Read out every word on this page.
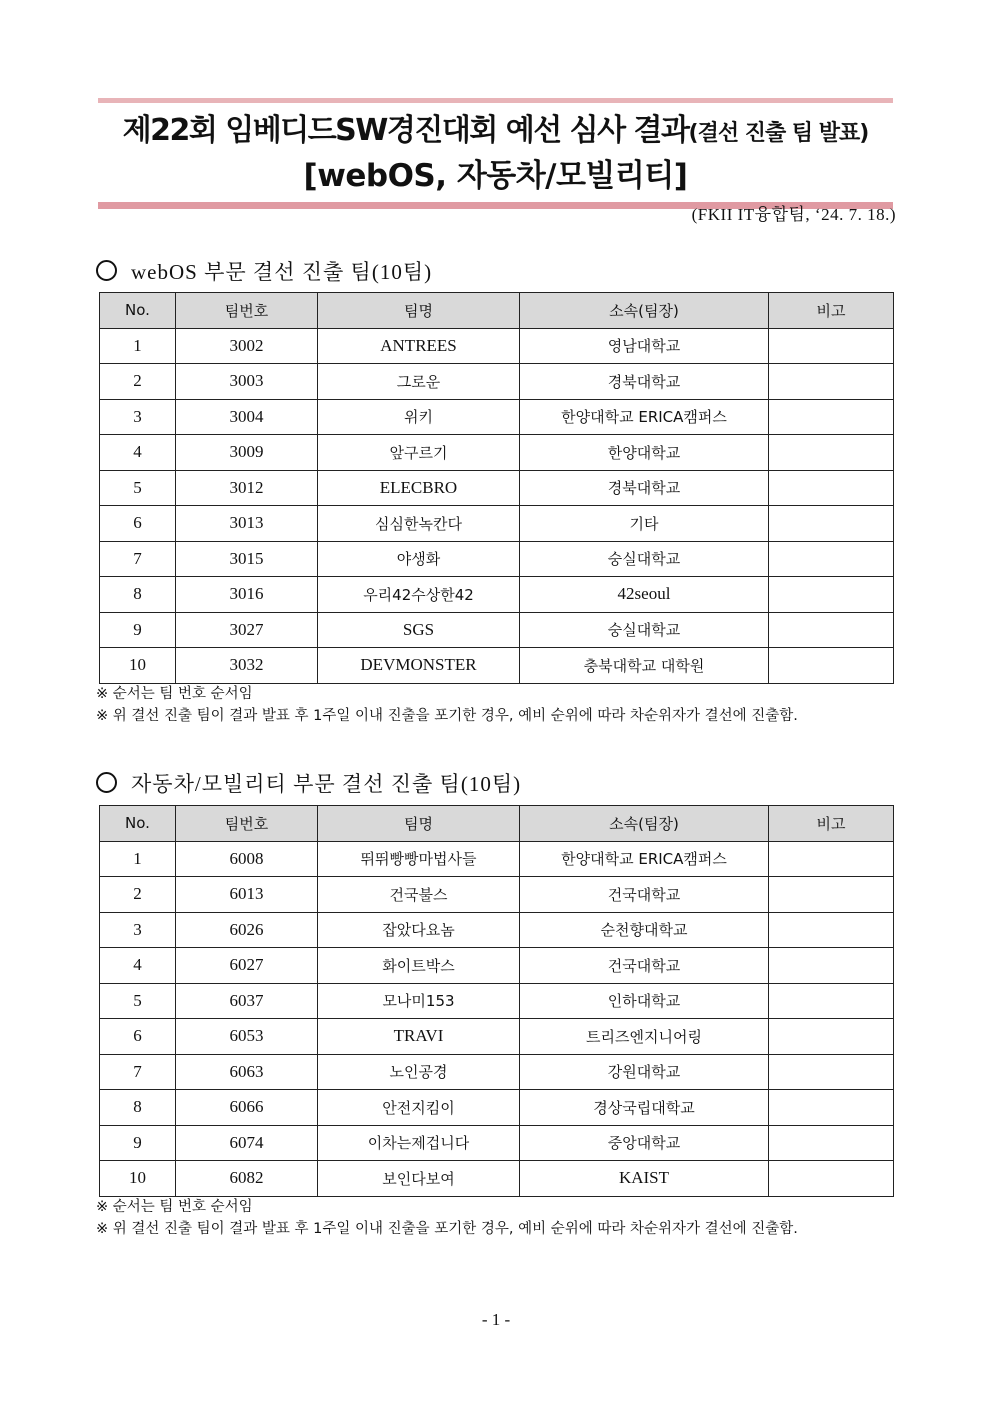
제22회 임베디드SW경진대회 예선 심사 결과(결선 진출 팀 발표)
[webOS, 자동차/모빌리티]
(FKII IT융합팀, ‘24. 7. 18.)
webOS 부문 결선 진출 팀(10팀)
No.	팀번호	팀명	소속(팀장)	비고
1	3002	ANTREES	영남대학교	
2	3003	그로운	경북대학교	
3	3004	위키	한양대학교 ERICA캠퍼스	
4	3009	앞구르기	한양대학교	
5	3012	ELECBRO	경북대학교	
6	3013	심심한녹칸다	기타	
7	3015	야생화	숭실대학교	
8	3016	우리42수상한42	42seoul	
9	3027	SGS	숭실대학교	
10	3032	DEVMONSTER	충북대학교 대학원	
※ 순서는 팀 번호 순서임
※ 위 결선 진출 팀이 결과 발표 후 1주일 이내 진출을 포기한 경우, 예비 순위에 따라 차순위자가 결선에 진출함.
자동차/모빌리티 부문 결선 진출 팀(10팀)
No.	팀번호	팀명	소속(팀장)	비고
1	6008	뛰뛰빵빵마법사들	한양대학교 ERICA캠퍼스	
2	6013	건국불스	건국대학교	
3	6026	잡았다요놈	순천향대학교	
4	6027	화이트박스	건국대학교	
5	6037	모나미153	인하대학교	
6	6053	TRAVI	트리즈엔지니어링	
7	6063	노인공경	강원대학교	
8	6066	안전지킴이	경상국립대학교	
9	6074	이차는제겁니다	중앙대학교	
10	6082	보인다보여	KAIST	
※ 순서는 팀 번호 순서임
※ 위 결선 진출 팀이 결과 발표 후 1주일 이내 진출을 포기한 경우, 예비 순위에 따라 차순위자가 결선에 진출함.
- 1 -
